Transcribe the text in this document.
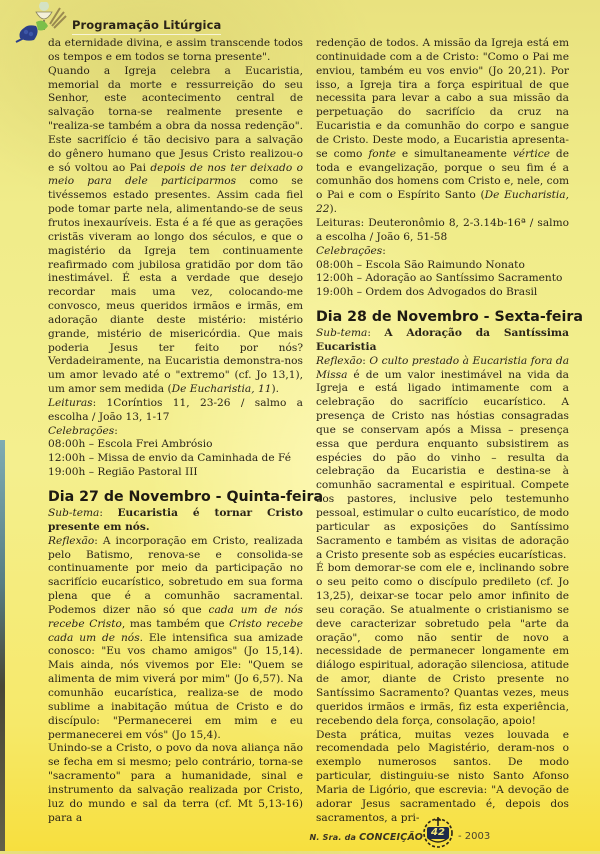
Programação Litúrgica

da eternidade divina, e assim transcende todos os tempos e em todos se torna presente".

Quando a Igreja celebra a Eucaristia, memorial da morte e ressurreição do seu Senhor, este acontecimento central de salvação torna-se realmente presente e "realiza-se também a obra da nossa redenção". Este sacrifício é tão decisivo para a salvação do gênero humano que Jesus Cristo realizou-o e só voltou ao Pai depois de nos ter deixado o meio para dele participarmos como se tivéssemos estado presentes. Assim cada fiel pode tomar parte nela, alimentando-se de seus frutos inexauríveis. Esta é a fé que as gerações cristãs viveram ao longo dos séculos, e que o magistério da Igreja tem continuamente reafirmado com jubilosa gratidão por dom tão inestimável. É esta a verdade que desejo recordar mais uma vez, colocando-me convosco, meus queridos irmãos e irmãs, em adoração diante deste mistério: mistério grande, mistério de misericórdia. Que mais poderia Jesus ter feito por nós? Verdadeiramente, na Eucaristia demonstra-nos um amor levado até o "extremo" (cf. Jo 13,1), um amor sem medida (De Eucharistia, 11).

Leituras: 1Coríntios 11, 23-26 / salmo a escolha / João 13, 1-17

Celebrações:

08:00h – Escola Frei Ambrósio

12:00h – Missa de envio da Caminhada de Fé

19:00h – Região Pastoral III

Dia 27 de Novembro - Quinta-feira

Sub-tema: Eucaristia é tornar Cristo presente em nós.

Reflexão: A incorporação em Cristo, realizada pelo Batismo, renova-se e consolida-se continuamente por meio da participação no sacrifício eucarístico, sobretudo em sua forma plena que é a comunhão sacramental. Podemos dizer não só que cada um de nós recebe Cristo, mas também que Cristo recebe cada um de nós. Ele intensifica sua amizade conosco: "Eu vos chamo amigos" (Jo 15,14). Mais ainda, nós vivemos por Ele: "Quem se alimenta de mim viverá por mim" (Jo 6,57). Na comunhão eucarística, realiza-se de modo sublime a inabitação mútua de Cristo e do discípulo: "Permanecerei em mim e eu permanecerei em vós" (Jo 15,4).

Unindo-se a Cristo, o povo da nova aliança não se fecha em si mesmo; pelo contrário, torna-se "sacramento" para a humanidade, sinal e instrumento da salvação realizada por Cristo, luz do mundo e sal da terra (cf. Mt 5,13-16) para a

redenção de todos. A missão da Igreja está em continuidade com a de Cristo: "Como o Pai me enviou, também eu vos envio" (Jo 20,21). Por isso, a Igreja tira a força espiritual de que necessita para levar a cabo a sua missão da perpetuação do sacrifício da cruz na Eucaristia e da comunhão do corpo e sangue de Cristo. Deste modo, a Eucaristia apresenta-se como fonte e simultaneamente vértice de toda e evangelização, porque o seu fim é a comunhão dos homens com Cristo e, nele, com o Pai e com o Espírito Santo (De Eucharistia, 22).

Leituras: Deuteronômio 8, 2-3.14b-16ª / salmo a escolha / João 6, 51-58

Celebrações:

08:00h – Escola São Raimundo Nonato

12:00h – Adoração ao Santíssimo Sacramento

19:00h – Ordem dos Advogados do Brasil

Dia 28 de Novembro - Sexta-feira

Sub-tema: A Adoração da Santíssima Eucaristia

Reflexão: O culto prestado à Eucaristia fora da Missa é de um valor inestimável na vida da Igreja e está ligado intimamente com a celebração do sacrifício eucarístico. A presença de Cristo nas hóstias consagradas que se conservam após a Missa – presença essa que perdura enquanto subsistirem as espécies do pão do vinho – resulta da celebração da Eucaristia e destina-se à comunhão sacramental e espiritual. Compete aos pastores, inclusive pelo testemunho pessoal, estimular o culto eucarístico, de modo particular as exposições do Santíssimo Sacramento e também as visitas de adoração a Cristo presente sob as espécies eucarísticas.

É bom demorar-se com ele e, inclinando sobre o seu peito como o discípulo predileto (cf. Jo 13,25), deixar-se tocar pelo amor infinito de seu coração. Se atualmente o cristianismo se deve caracterizar sobretudo pela "arte da oração", como não sentir de novo a necessidade de permanecer longamente em diálogo espiritual, adoração silenciosa, atitude de amor, diante de Cristo presente no Santíssimo Sacramento? Quantas vezes, meus queridos irmãos e irmãs, fiz esta experiência, recebendo dela força, consolação, apoio!

Desta prática, muitas vezes louvada e recomendada pelo Magistério, deram-nos o exemplo numerosos santos. De modo particular, distinguiu-se nisto Santo Afonso Maria de Ligório, que escrevia: "A devoção de adorar Jesus sacramentado é, depois dos sacramentos, a pri-

N. Sra. da CONCEIÇÃO 42	- 2003
